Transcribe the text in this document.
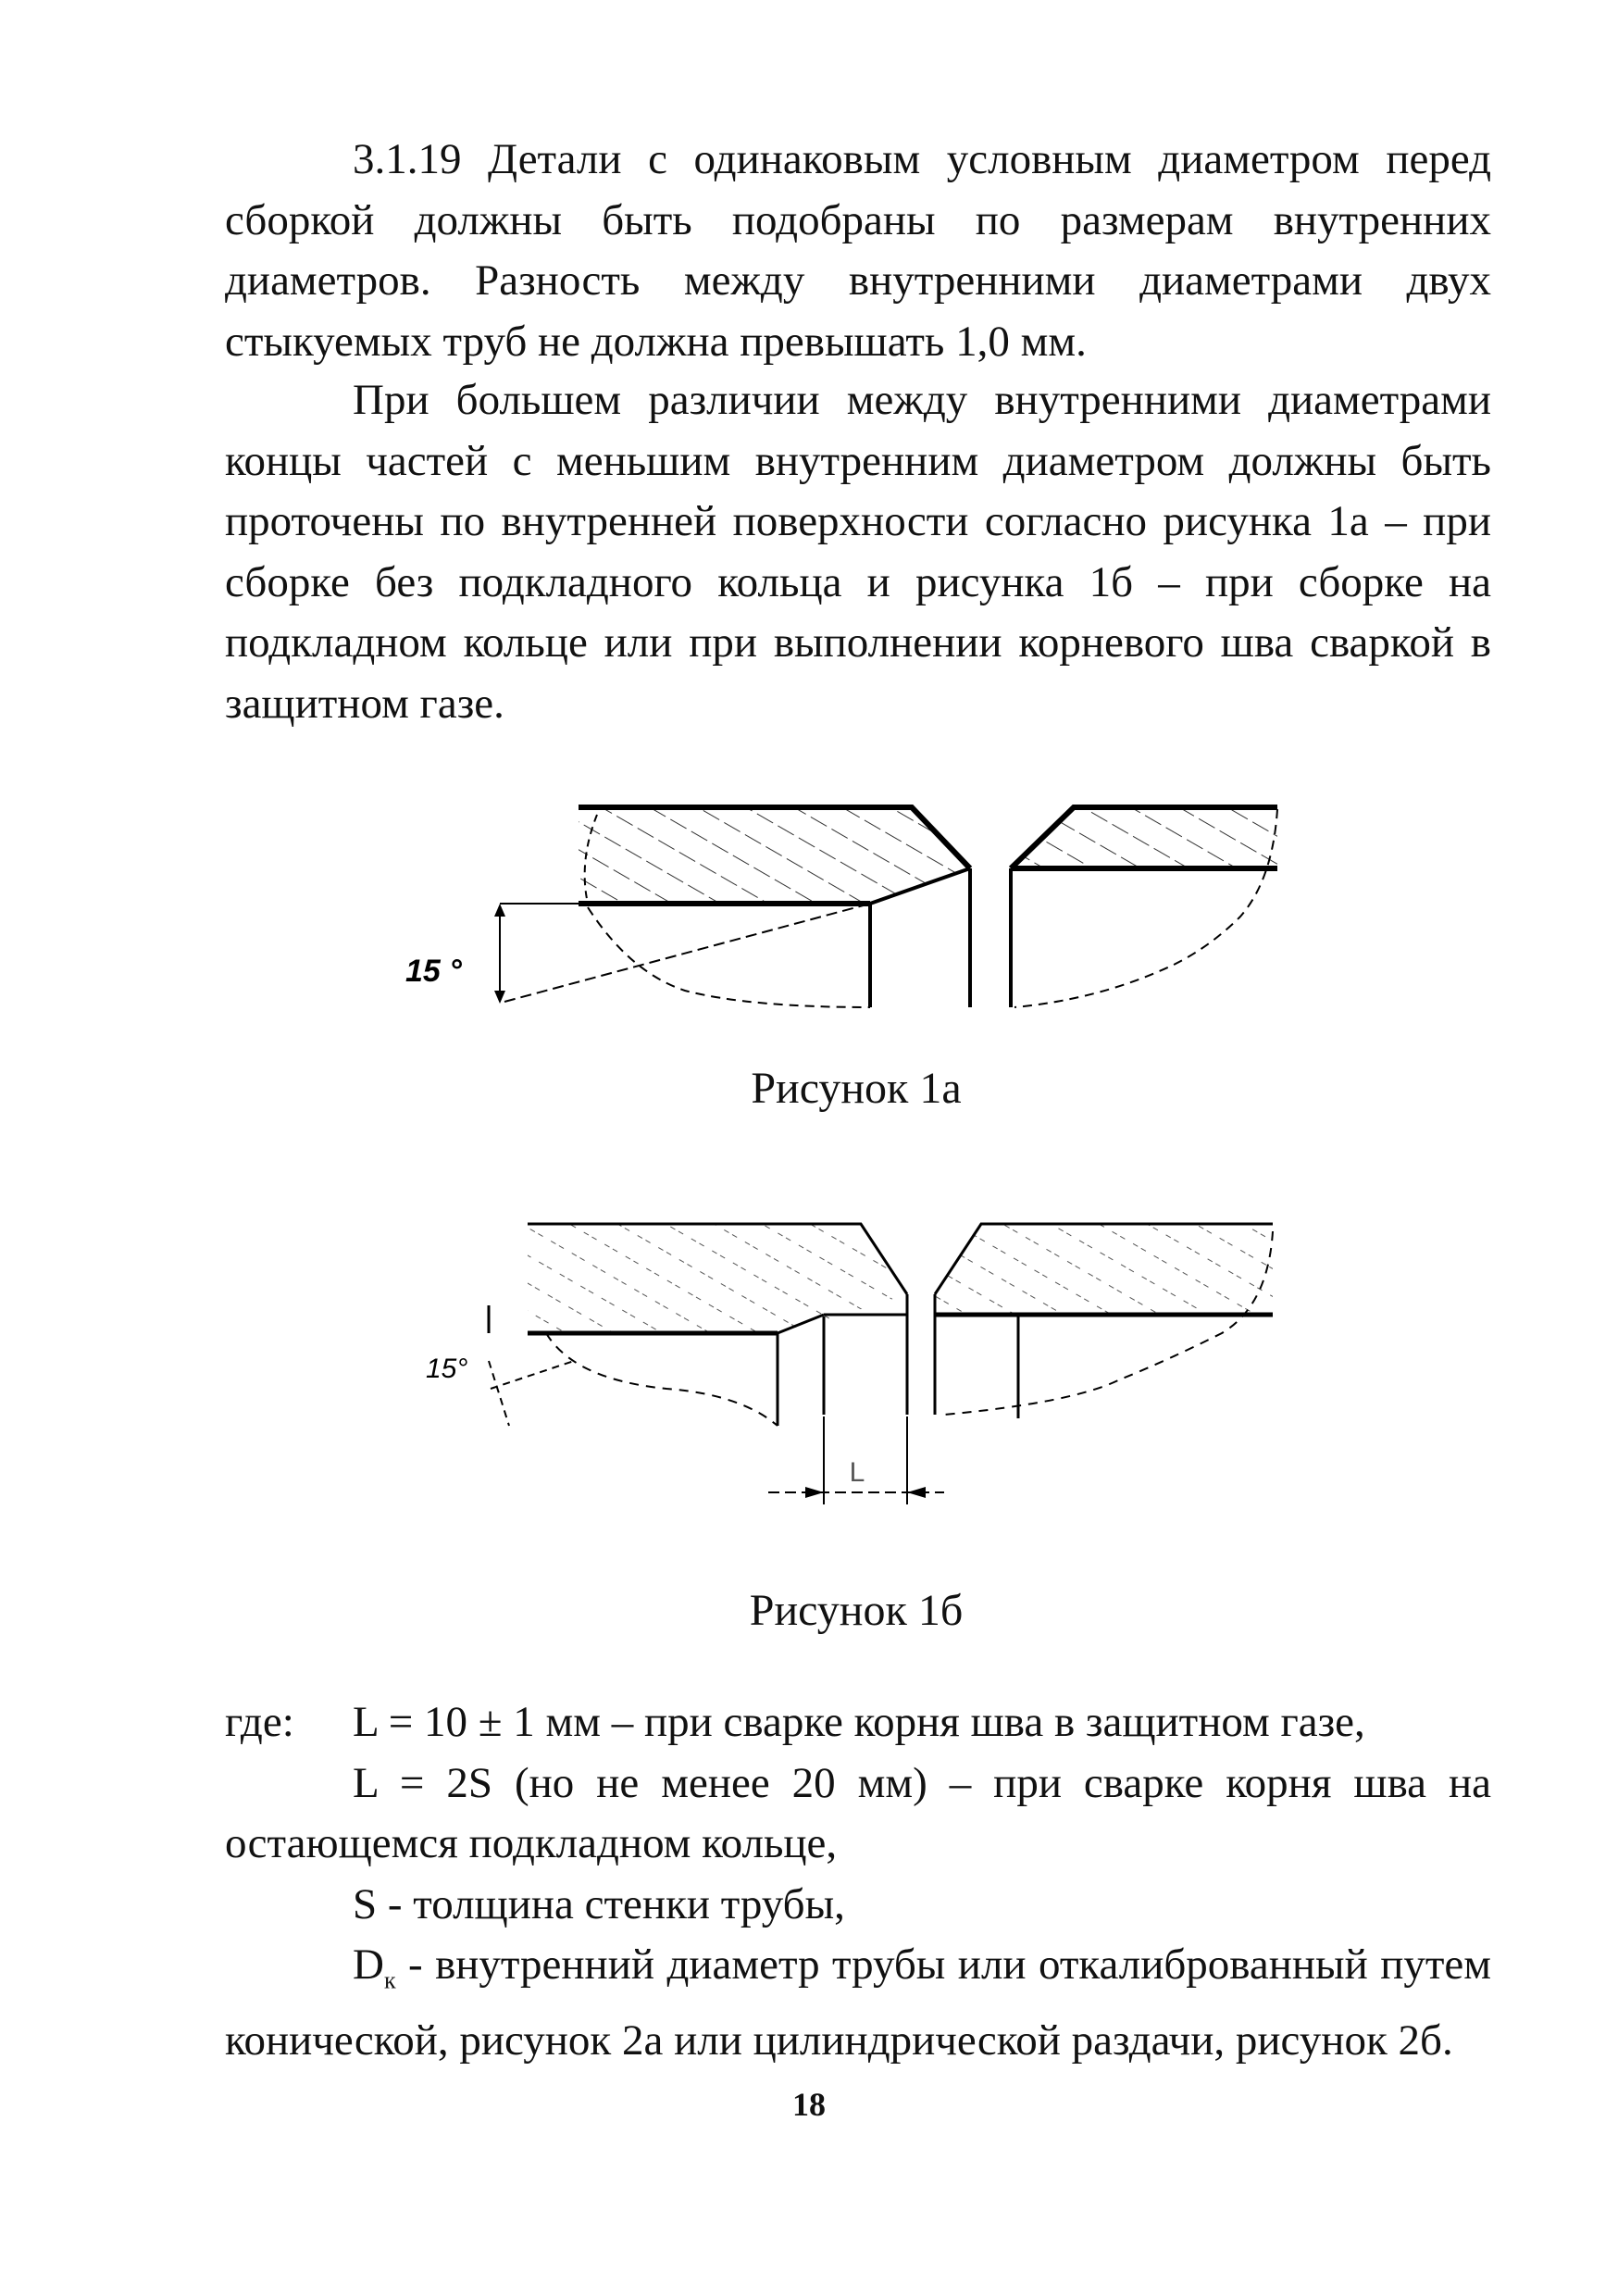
3.1.19 Детали с одинаковым условным диаметром перед сборкой должны быть подобраны по размерам внутренних диаметров. Разность между внутренними диаметрами двух стыкуемых труб не должна превышать 1,0 мм.

При большем различии между внутренними диаметрами концы частей с меньшим внутренним диаметром должны быть проточены по внутренней поверхности согласно рисунка 1а – при сборке без подкладного кольца и рисунка 1б – при сборке на подкладном кольце или при выполнении корневого шва сваркой в защитном газе.

15 °
Рисунок 1а
L
15°
Рисунок 1б
где: L = 10 ± 1 мм – при сварке корня шва в защитном газе,
L = 2S (но не менее 20 мм) – при сварке корня шва на остающемся подкладном кольце,
S - толщина стенки трубы,
$D_к$ - внутренний диаметр трубы или откалиброванный путем конической, рисунок 2а или цилиндрической раздачи, рисунок 2б.
18
